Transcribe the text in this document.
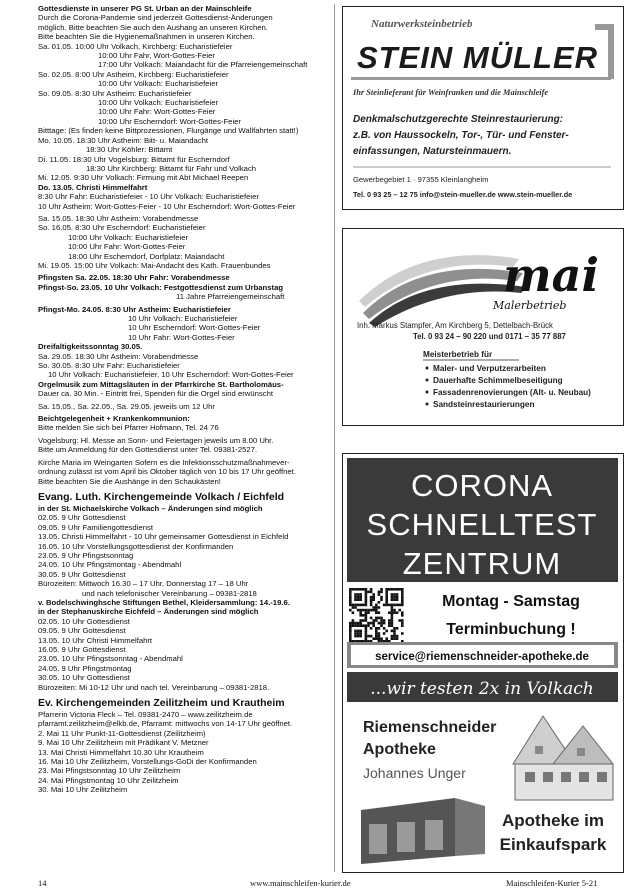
Gottesdienste in unserer PG St. Urban an der Mainschleife
Durch die Corona-Pandemie sind jederzeit Gottesdienst-Änderungen
möglich. Bitte beachten Sie auch den Aushang an unseren Kirchen.
Bitte beachten Sie die Hygienemaßnahmen in unseren Kirchen.
Sa. 01.05. 10:00 Uhr Volkach, Kirchberg: Eucharistiefeier
10:00 Uhr Fahr, Wort-Gottes-Feier
17:00 Uhr Volkach: Maiandacht für die Pfarreiengemeinschaft
So. 02.05. 8:00 Uhr Astheim, Kirchberg: Eucharistiefeier
10:00 Uhr Volkach: Eucharistiefeier
So. 09.05. 8:30 Uhr Astheim: Eucharistiefeier
10:00 Uhr Volkach: Eucharistiefeier
10:00 Uhr Fahr: Wort-Gottes-Feier
10:00 Uhr Escherndorf: Wort-Gottes-Feier
Bitttage: (Es finden keine Bittprozessionen, Flurgänge und Wallfahrten statt!)
Mo. 10.05. 18:30 Uhr Astheim: Bitt- u. Maiandacht
18:30 Uhr Köhler: Bittamt
Di. 11.05. 18:30 Uhr Vogelsburg: Bittamt für Escherndorf
18:30 Uhr Kirchberg: Bittamt für Fahr und Volkach
Mi. 12.05. 9:30 Uhr Volkach: Firmung mit Abt Michael Reepen
Do. 13.05. Christi Himmelfahrt
8:30 Uhr Fahr: Eucharistiefeier - 10 Uhr Volkach: Eucharistiefeier
10 Uhr Astheim: Wort-Gottes-Feier - 10 Uhr Escherndorf: Wort-Gottes-Feier
Sa. 15.05. 18:30 Uhr Astheim: Vorabendmesse
So. 16.05. 8:30 Uhr Escherndorf: Eucharistiefeier
10:00 Uhr Volkach: Eucharistiefeier
10:00 Uhr Fahr: Wort-Gottes-Feier
18:00 Uhr Escherndorf, Dorfplatz: Maiandacht
Mi. 19.05. 15:00 Uhr Volkach: Mai-Andacht des Kath. Frauenbundes
Pfingsten Sa. 22.05. 18:30 Uhr Fahr: Vorabendmesse
Pfingst-So. 23.05. 10 Uhr Volkach: Festgottesdienst zum Urbanstag
11 Jahre Pfarreiengemeinschaft
Pfingst-Mo. 24.05. 8:30 Uhr Astheim: Eucharistiefeier
10 Uhr Volkach: Eucharistiefeier
10 Uhr Escherndorf: Wort-Gottes-Feier
10 Uhr Fahr: Wort-Gottes-Feier
Dreifaltigkeitssonntag 30.05.
Sa. 29.05. 18:30 Uhr Astheim: Vorabendmesse
So. 30.05. 8:30 Uhr Fahr: Eucharistiefeier
10 Uhr Volkach: Eucharistiefeier, 10 Uhr Escherndorf: Wort-Gottes-Feier
Orgelmusik zum Mittagsläuten in der Pfarrkirche St. Bartholomäus-
Dauer ca. 30 Min. - Eintritt frei, Spenden für die Orgel sind erwünscht
Sa. 15.05., Sa. 22.05., Sa. 29.05. jeweils um 12 Uhr
Beichtgelegenheit + Krankenkommunion:
Bitte melden Sie sich bei Pfarrer Hofmann, Tel. 24 76
Vogelsburg: Hl. Messe an Sonn- und Feiertagen jeweils um 8.00 Uhr.
Bitte um Anmeldung für den Gottesdienst unter Tel. 09381-2527.
Kirche Maria im Weingarten Sofern es die Infektionsschutzmaßnahmever-
ordnung zulässt ist vom April bis Oktober täglich von 10 bis 17 Uhr geöffnet.
Bitte beachten Sie die Aushänge in den Schaukästen!
Evang. Luth. Kirchengemeinde Volkach / Eichfeld
in der St. Michaelskirche Volkach – Änderungen sind möglich
02.05. 9 Uhr Gottesdienst
09.05. 9 Uhr Familiengottesdienst
13.05. Christi Himmelfahrt - 10 Uhr gemeinsamer Gottesdienst in Eichfeld
16.05. 10 Uhr Vorstellungsgottesdienst der Konfirmanden
23.05. 9 Uhr Pfingstsonntag
24.05. 10 Uhr Pfingstmontag - Abendmahl
30.05. 9 Uhr Gottesdienst
Bürozeiten: Mittwoch 16.30 – 17 Uhr, Donnerstag 17 – 18 Uhr
und nach telefonischer Vereinbarung – 09381-2818
v. Bodelschwinghsche Stiftungen Bethel, Kleidersammlung: 14.-19.6.
in der Stephanuskirche Eichfeld – Änderungen sind möglich
02.05. 10 Uhr Gottesdienst
09.05. 9 Uhr Gottesdienst
13.05. 10 Uhr Christi Himmelfahrt
16.05. 9 Uhr Gottesdienst
23.05. 10 Uhr Pfingstsonntag - Abendmahl
24.05. 9 Uhr Pfingstmontag
30.05. 10 Uhr Gottesdienst
Bürozeiten: Mi 10-12 Uhr und nach tel. Vereinbarung – 09381-2818.
Ev. Kirchengemeinden Zeilitzheim und Krautheim
Pfarrerin Victoria Fleck – Tel. 09381-2470 – www.zeilitzheim.de
pfarramt.zeilitzheim@elkb.de, Pfarramt: mittwochs von 14-17 Uhr geöffnet.
2. Mai 11 Uhr Punkt-11-Gottesdienst (Zeilitzheim)
9. Mai 10 Uhr Zeilitzheim mit Prädikant V. Metzner
13. Mai Christi Himmelfahrt 10.30 Uhr Krautheim
16. Mai 10 Uhr Zeilitzheim, Vorstellungs-GoDi der Konfirmanden
23. Mai Pfingstsonntag 10 Uhr Zeilitzheim
24. Mai Pfingstmontag 10 Uhr Zeilitzheim
30. Mai 10 Uhr Zeilitzheim
Naturwerksteinbetrieb
STEIN MÜLLER
Ihr Steinlieferant für Weinfranken und die Mainschleife
Denkmalschutzgerechte Steinrestaurierung:
z.B. von Haussockeln, Tor-, Tür- und Fenster-
einfassungen, Natursteinmauern.
Gewerbegebiet 1 · 97355 Kleinlangheim
Tel. 0 93 25 – 12 75 info@stein-mueller.de www.stein-mueller.de
mai
Malerbetrieb
Inh. Markus Stampfer, Am Kirchberg 5, Dettelbach-Brück
Tel. 0 93 24 – 90 220 und 0171 – 35 77 887
Meisterbetrieb für
Maler- und Verputzerarbeiten
Dauerhafte Schimmelbeseitigung
Fassadenrenovierungen (Alt- u. Neubau)
Sandsteinrestaurierungen
CORONA
SCHNELLTEST
ZENTRUM
Montag - Samstag
Terminbuchung !
service@riemenschneider-apotheke.de
...wir testen 2x in Volkach
Riemenschneider
Apotheke
Johannes Unger
Apotheke im
Einkaufspark
14	www.mainschleifen-kurier.de	Mainschleifen-Kurier 5-21
